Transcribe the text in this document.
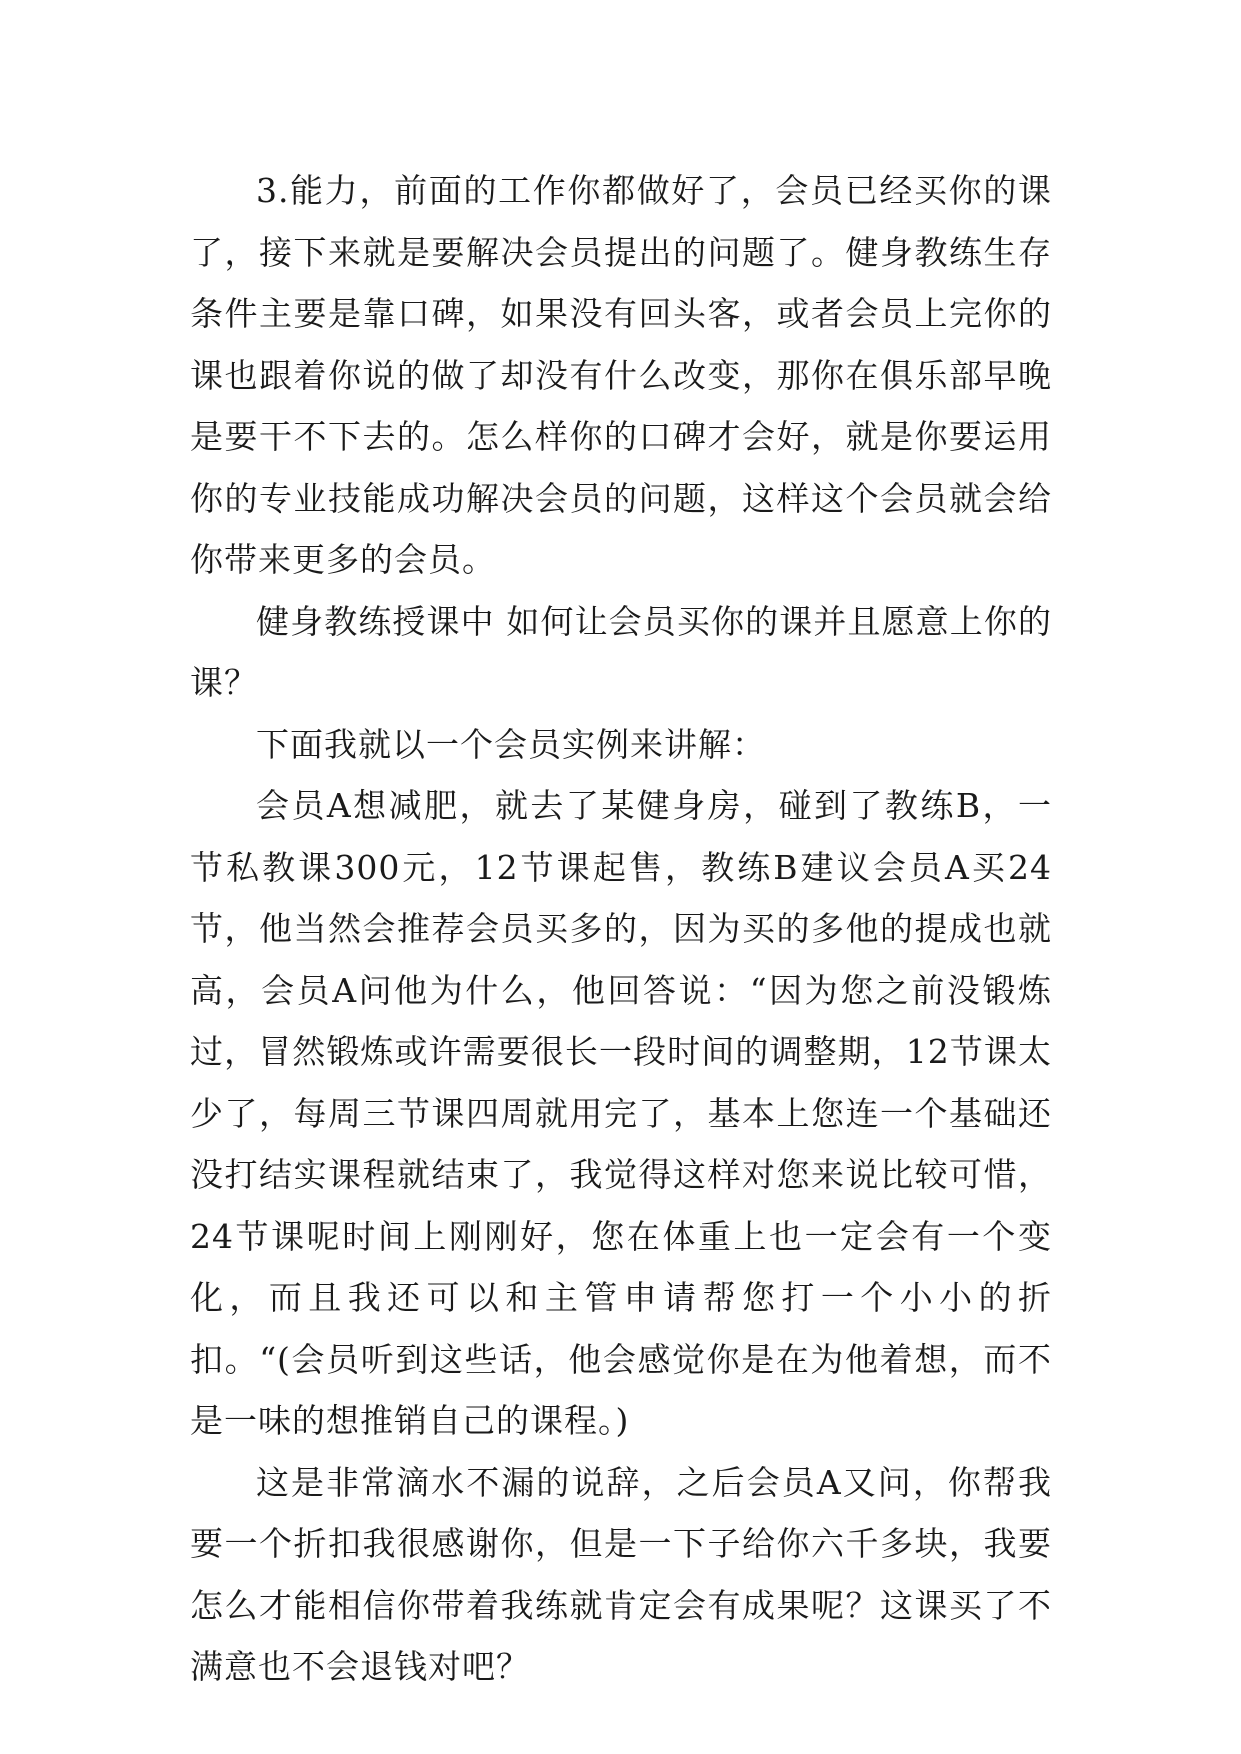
3.能力，前面的工作你都做好了，会员已经买你的课了，接下来就是要解决会员提出的问题了。健身教练生存条件主要是靠口碑，如果没有回头客，或者会员上完你的课也跟着你说的做了却没有什么改变，那你在俱乐部早晚是要干不下去的。怎么样你的口碑才会好，就是你要运用你的专业技能成功解决会员的问题，这样这个会员就会给你带来更多的会员。

健身教练授课中 如何让会员买你的课并且愿意上你的课？

下面我就以一个会员实例来讲解：

会员A想减肥，就去了某健身房，碰到了教练B，一节私教课300元，12节课起售，教练B建议会员A买24节，他当然会推荐会员买多的，因为买的多他的提成也就高，会员A问他为什么，他回答说：“因为您之前没锻炼过，冒然锻炼或许需要很长一段时间的调整期，12节课太少了，每周三节课四周就用完了，基本上您连一个基础还没打结实课程就结束了，我觉得这样对您来说比较可惜，24节课呢时间上刚刚好，您在体重上也一定会有一个变化，而且我还可以和主管申请帮您打一个小小的折扣。“(会员听到这些话，他会感觉你是在为他着想，而不是一味的想推销自己的课程。)

这是非常滴水不漏的说辞，之后会员A又问，你帮我要一个折扣我很感谢你，但是一下子给你六千多块，我要怎么才能相信你带着我练就肯定会有成果呢？这课买了不满意也不会退钱对吧？
